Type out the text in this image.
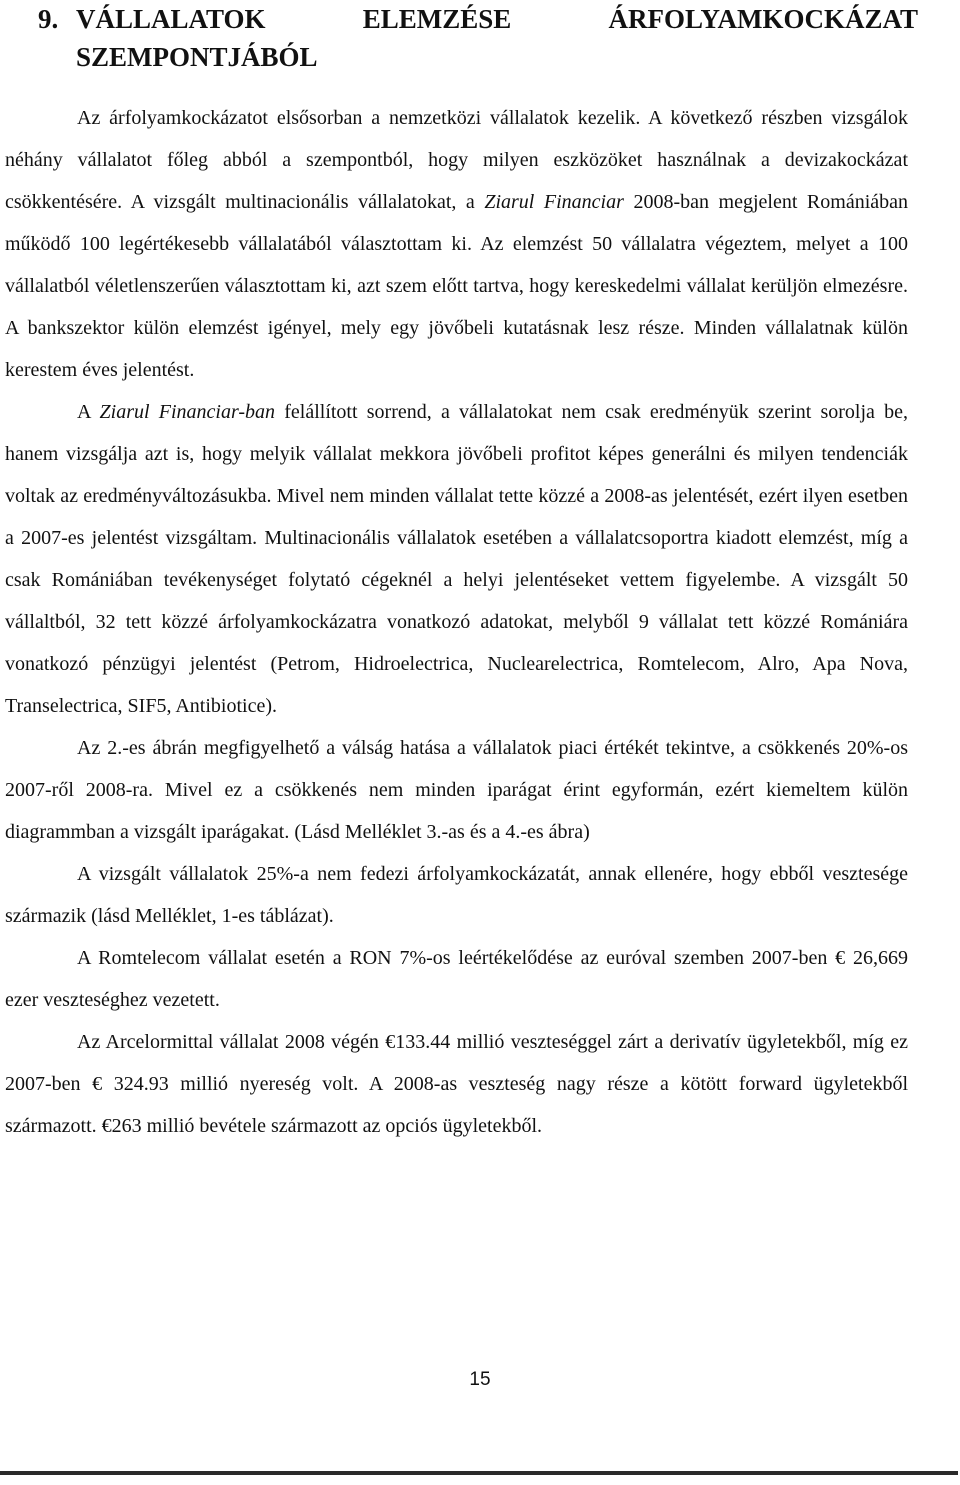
9. VÁLLALATOK	ELEMZÉSE	ÁRFOLYAMKOCKÁZAT
SZEMPONTJÁBÓL

Az árfolyamkockázatot elsősorban a nemzetközi vállalatok kezelik. A következő részben vizsgálok néhány vállalatot főleg abból a szempontból, hogy milyen eszközöket használnak a devizakockázat csökkentésére. A vizsgált multinacionális vállalatokat, a Ziarul Financiar 2008-ban megjelent Romániában működő 100 legértékesebb vállalatából választottam ki. Az elemzést 50 vállalatra végeztem, melyet a 100 vállalatból véletlenszerűen választottam ki, azt szem előtt tartva, hogy kereskedelmi vállalat kerüljön elmezésre. A bankszektor külön elemzést igényel, mely egy jövőbeli kutatásnak lesz része. Minden vállalatnak külön kerestem éves jelentést.

A Ziarul Financiar-ban felállított sorrend, a vállalatokat nem csak eredményük szerint sorolja be, hanem vizsgálja azt is, hogy melyik vállalat mekkora jövőbeli profitot képes generálni és milyen tendenciák voltak az eredményváltozásukba. Mivel nem minden vállalat tette közzé a 2008-as jelentését, ezért ilyen esetben a 2007-es jelentést vizsgáltam. Multinacionális vállalatok esetében a vállalatcsoportra kiadott elemzést, míg a csak Romániában tevékenységet folytató cégeknél a helyi jelentéseket vettem figyelembe. A vizsgált 50 vállaltból, 32 tett közzé árfolyamkockázatra vonatkozó adatokat, melyből 9 vállalat tett közzé Romániára vonatkozó pénzügyi jelentést (Petrom, Hidroelectrica, Nuclearelectrica, Romtelecom, Alro, Apa Nova, Transelectrica, SIF5, Antibiotice).

Az 2.-es ábrán megfigyelhető a válság hatása a vállalatok piaci értékét tekintve, a csökkenés 20%-os 2007-ről 2008-ra. Mivel ez a csökkenés nem minden iparágat érint egyformán, ezért kiemeltem külön diagrammban a vizsgált iparágakat. (Lásd Melléklet 3.-as és a 4.-es ábra)

A vizsgált vállalatok 25%-a nem fedezi árfolyamkockázatát, annak ellenére, hogy ebből vesztesége származik (lásd Melléklet, 1-es táblázat).

A Romtelecom vállalat esetén a RON 7%-os leértékelődése az euróval szemben 2007-ben € 26,669 ezer veszteséghez vezetett.

Az Arcelormittal vállalat 2008 végén €133.44 millió veszteséggel zárt a derivatív ügyletekből, míg ez 2007-ben € 324.93 millió nyereség volt. A 2008-as veszteség nagy része a kötött forward ügyletekből származott. €263 millió bevétele származott az opciós ügyletekből.

15
